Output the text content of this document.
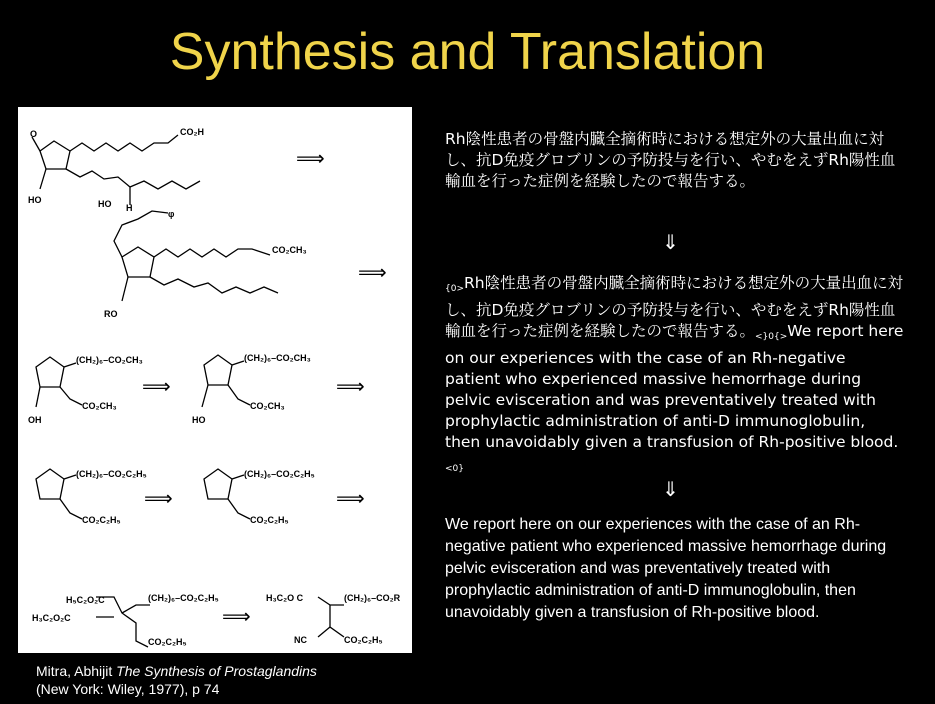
Synthesis and Translation
O	CO₂H
HO	HO H
φ
CO₂CH₃
RO
(CH₂)₆–CO₂CH₃
CO₂CH₃
OH
(CH₂)₆–CO₂CH₃
CO₂CH₃
HO
(CH₂)₆–CO₂C₂H₅
CO₂C₂H₅
(CH₂)₆–CO₂C₂H₅
CO₂C₂H₅
H₅C₂O₂C	(CH₂)₆–CO₂C₂H₅
H₃C₂O₂C
CO₂C₂H₅
H₃C₂O C	(CH₂)₆–CO₂R
NC	CO₂C₂H₅
⟹
⟹
⟹	⟹
⟹	⟹
⟹
Mitra, Abhijit The Synthesis of Prostaglandins
(New York: Wiley, 1977), p 74
Rh陰性患者の骨盤内臓全摘術時における想定外の大量出血に対し、抗D免疫グロブリンの予防投与を行い、やむをえずRh陽性血輸血を行った症例を経験したので報告する。
⇓
{0>Rh陰性患者の骨盤内臓全摘術時における想定外の大量出血に対し、抗D免疫グロブリンの予防投与を行い、やむをえずRh陽性血輸血を行った症例を経験したので報告する。<}0{>We report here on our experiences with the case of an Rh-negative patient who experienced massive hemorrhage during pelvic evisceration and was preventatively treated with prophylactic administration of anti-D immunoglobulin, then unavoidably given a transfusion of Rh-positive blood.<0}
⇓
We report here on our experiences with the case of an Rh-negative patient who experienced massive hemorrhage during pelvic evisceration and was preventatively treated with prophylactic administration of anti-D immunoglobulin, then unavoidably given a transfusion of Rh-positive blood.
